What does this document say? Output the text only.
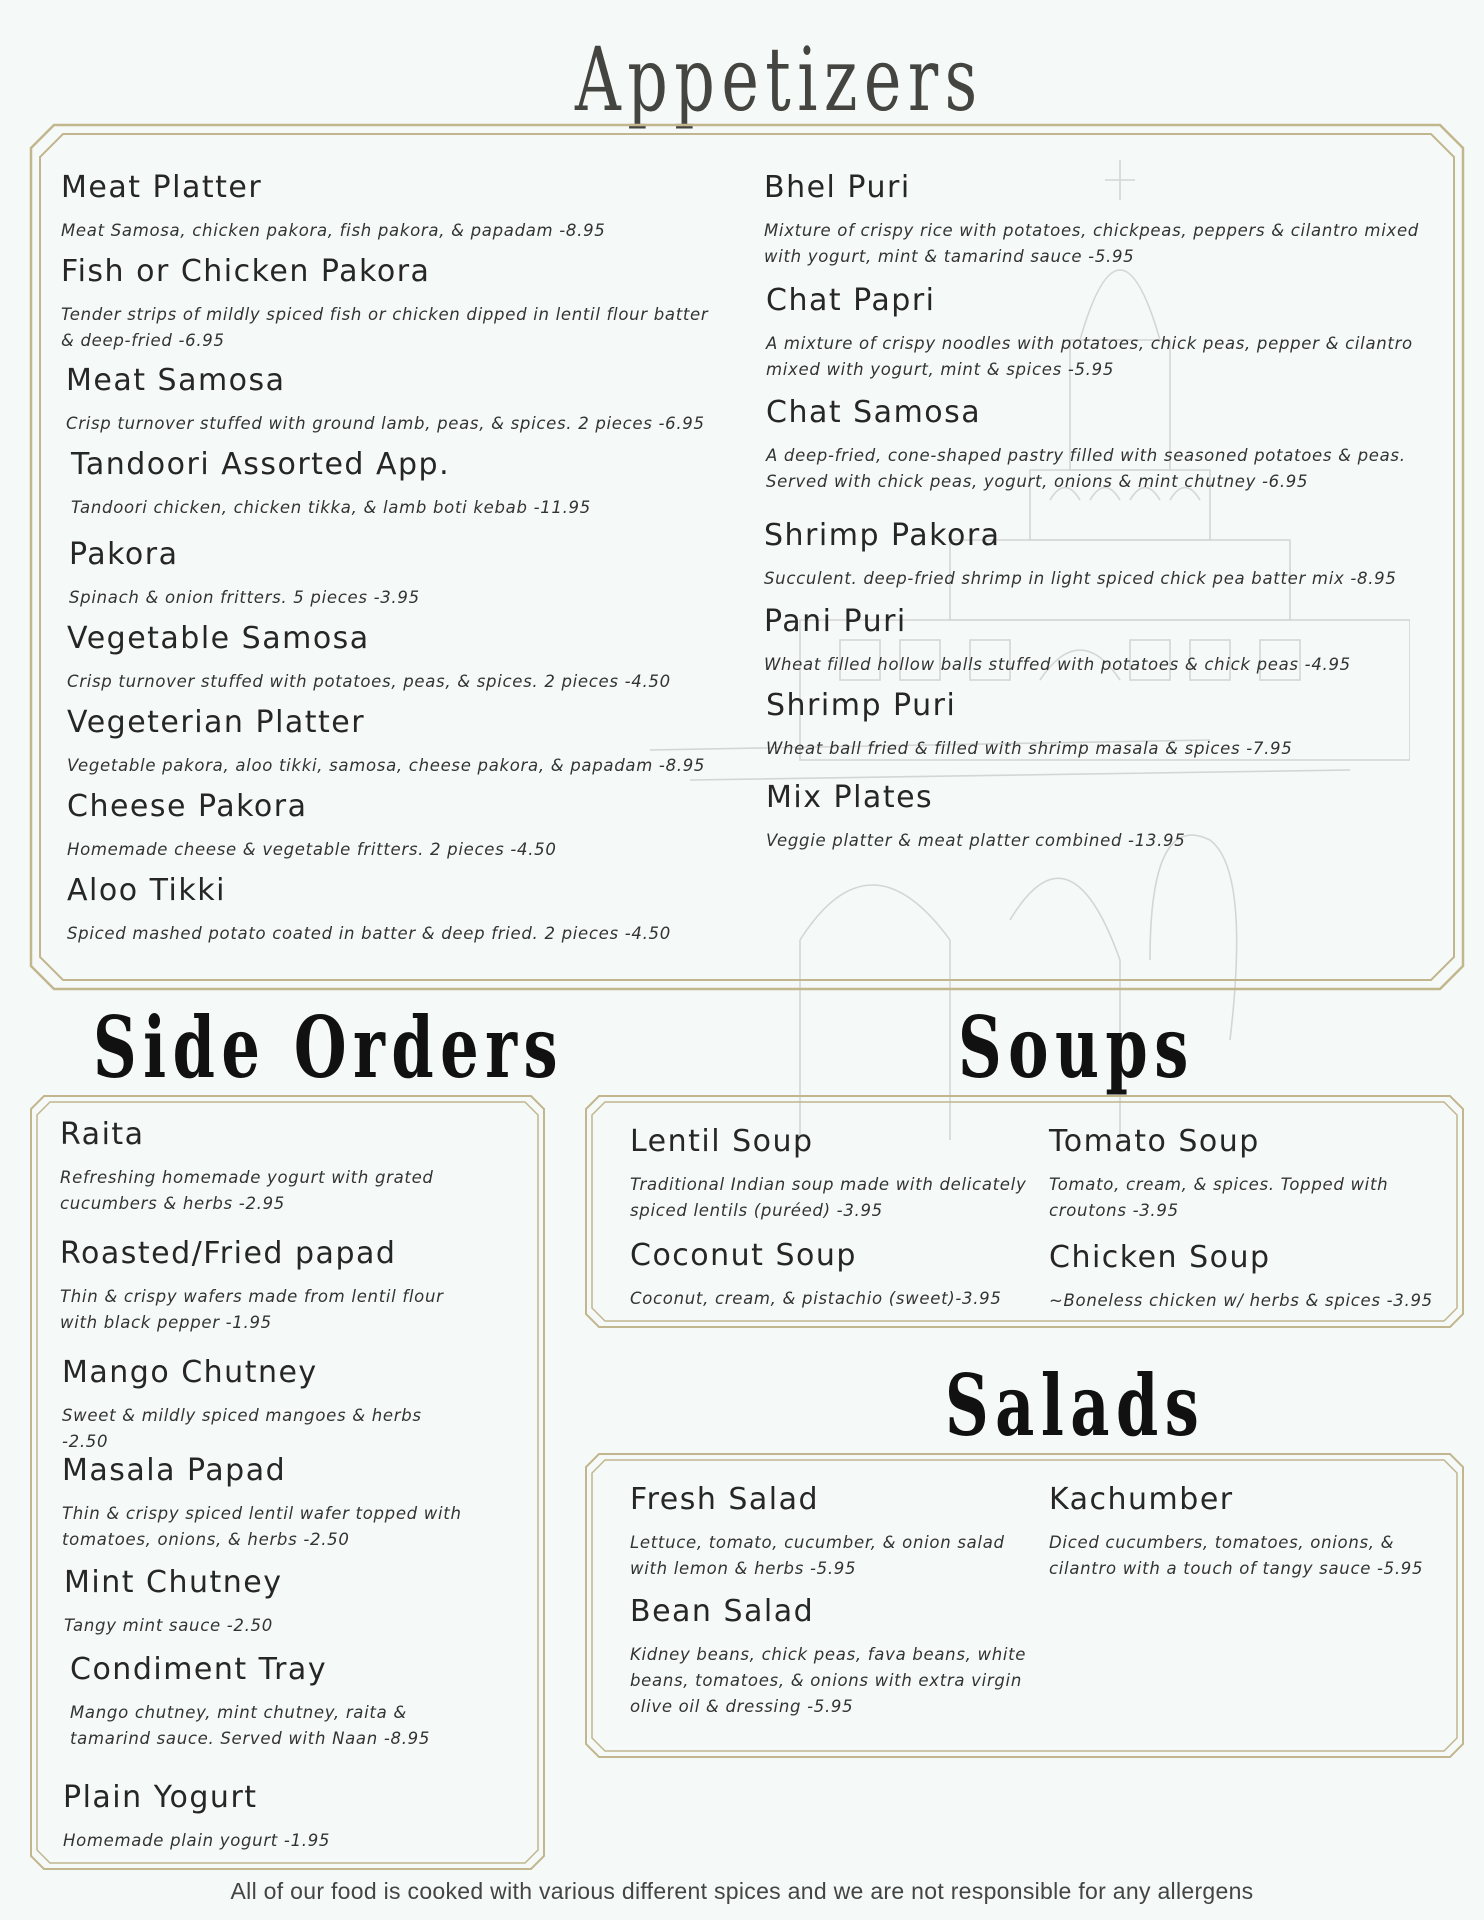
Appetizers
Side Orders	Soups
Salads
Meat Platter
Meat Samosa, chicken pakora, fish pakora, & papadam -8.95
Fish or Chicken Pakora
Tender strips of mildly spiced fish or chicken dipped in lentil flour batter & deep-fried -6.95
Meat Samosa
Crisp turnover stuffed with ground lamb, peas, & spices. 2 pieces -6.95
Tandoori Assorted App.
Tandoori chicken, chicken tikka, & lamb boti kebab -11.95
Pakora
Spinach & onion fritters. 5 pieces -3.95
Vegetable Samosa
Crisp turnover stuffed with potatoes, peas, & spices. 2 pieces -4.50
Vegeterian Platter
Vegetable pakora, aloo tikki, samosa, cheese pakora, & papadam -8.95
Cheese Pakora
Homemade cheese & vegetable fritters. 2 pieces -4.50
Aloo Tikki
Spiced mashed potato coated in batter & deep fried. 2 pieces -4.50
Bhel Puri
Mixture of crispy rice with potatoes, chickpeas, peppers & cilantro mixed with yogurt, mint & tamarind sauce -5.95
Chat Papri
A mixture of crispy noodles with potatoes, chick peas, pepper & cilantro mixed with yogurt, mint & spices -5.95
Chat Samosa
A deep-fried, cone-shaped pastry filled with seasoned potatoes & peas. Served with chick peas, yogurt, onions & mint chutney -6.95
Shrimp Pakora
Succulent. deep-fried shrimp in light spiced chick pea batter mix -8.95
Pani Puri
Wheat filled hollow balls stuffed with potatoes & chick peas -4.95
Shrimp Puri
Wheat ball fried & filled with shrimp masala & spices -7.95
Mix Plates
Veggie platter & meat platter combined -13.95
Raita
Refreshing homemade yogurt with grated cucumbers & herbs -2.95
Roasted/Fried papad
Thin & crispy wafers made from lentil flour with black pepper -1.95
Mango Chutney
Sweet & mildly spiced mangoes & herbs -2.50
Masala Papad
Thin & crispy spiced lentil wafer topped with tomatoes, onions, & herbs -2.50
Mint Chutney
Tangy mint sauce -2.50
Condiment Tray
Mango chutney, mint chutney, raita & tamarind sauce. Served with Naan -8.95
Plain Yogurt
Homemade plain yogurt -1.95
Lentil Soup
Traditional Indian soup made with delicately spiced lentils (puréed) -3.95
Tomato Soup
Tomato, cream, & spices. Topped with croutons -3.95
Coconut Soup
Coconut, cream, & pistachio (sweet)-3.95
Chicken Soup
~Boneless chicken w/ herbs & spices -3.95
Fresh Salad
Lettuce, tomato, cucumber, & onion salad with lemon & herbs -5.95
Kachumber
Diced cucumbers, tomatoes, onions, & cilantro with a touch of tangy sauce -5.95
Bean Salad
Kidney beans, chick peas, fava beans, white beans, tomatoes, & onions with extra virgin olive oil & dressing -5.95
All of our food is cooked with various different spices and we are not responsible for any allergens
